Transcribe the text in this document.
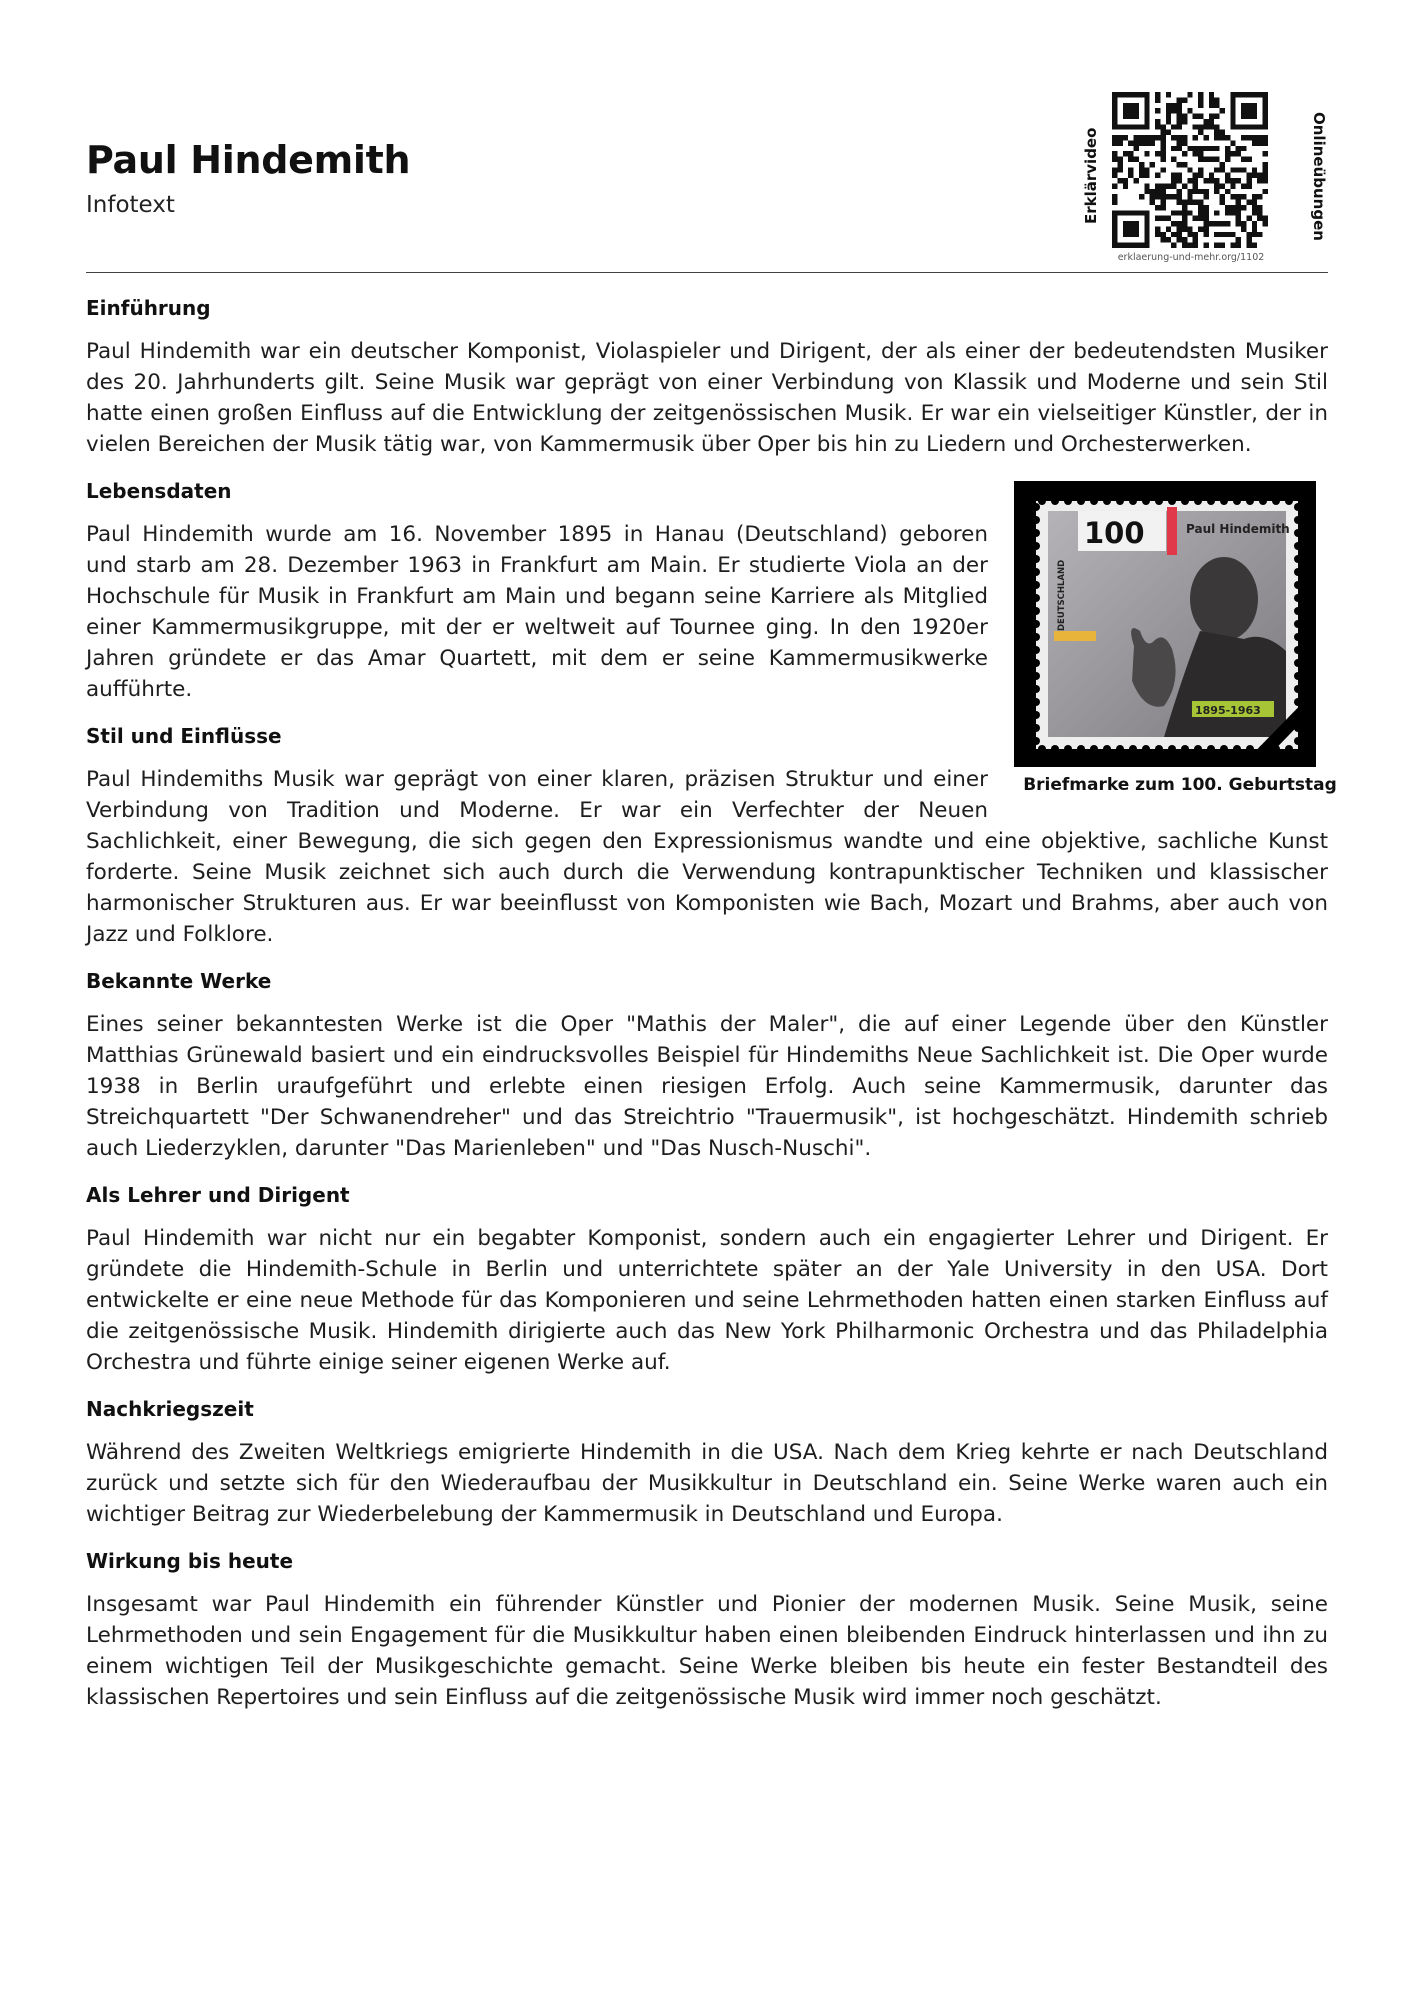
Paul Hindemith
Infotext	Erklärvideo	Onlineübungen
erklaerung-und-mehr.org/1102
Einführung

Paul Hindemith war ein deutscher Komponist, Violaspieler und Dirigent, der als einer der bedeutendsten Musiker des 20. Jahrhunderts gilt. Seine Musik war geprägt von einer Verbindung von Klassik und Moderne und sein Stil hatte einen großen Einfluss auf die Entwicklung der zeitgenössischen Musik. Er war ein vielseitiger Künstler, der in vielen Bereichen der Musik tätig war, von Kammermusik über Oper bis hin zu Liedern und Orchesterwerken.

100	Paul Hindemith
DEUTSCHLAND
1895-1963
Briefmarke zum 100. Geburtstag
Lebensdaten

Paul Hindemith wurde am 16. November 1895 in Hanau (Deutschland) geboren und starb am 28. Dezember 1963 in Frankfurt am Main. Er studierte Viola an der Hochschule für Musik in Frankfurt am Main und begann seine Karriere als Mitglied einer Kammermusikgruppe, mit der er weltweit auf Tournee ging. In den 1920er Jahren gründete er das Amar Quartett, mit dem er seine Kammermusikwerke aufführte.

Stil und Einflüsse

Paul Hindemiths Musik war geprägt von einer klaren, präzisen Struktur und einer Verbindung von Tradition und Moderne. Er war ein Verfechter der Neuen Sachlichkeit, einer Bewegung, die sich gegen den Expressionismus wandte und eine objektive, sachliche Kunst forderte. Seine Musik zeichnet sich auch durch die Verwendung kontrapunktischer Techniken und klassischer harmonischer Strukturen aus. Er war beeinflusst von Komponisten wie Bach, Mozart und Brahms, aber auch von Jazz und Folklore.

Bekannte Werke

Eines seiner bekanntesten Werke ist die Oper "Mathis der Maler", die auf einer Legende über den Künstler Matthias Grünewald basiert und ein eindrucksvolles Beispiel für Hindemiths Neue Sachlichkeit ist. Die Oper wurde 1938 in Berlin uraufgeführt und erlebte einen riesigen Erfolg. Auch seine Kammermusik, darunter das Streichquartett "Der Schwanendreher" und das Streichtrio "Trauermusik", ist hochgeschätzt. Hindemith schrieb auch Liederzyklen, darunter "Das Marienleben" und "Das Nusch-Nuschi".

Als Lehrer und Dirigent

Paul Hindemith war nicht nur ein begabter Komponist, sondern auch ein engagierter Lehrer und Dirigent. Er gründete die Hindemith-Schule in Berlin und unterrichtete später an der Yale University in den USA. Dort entwickelte er eine neue Methode für das Komponieren und seine Lehrmethoden hatten einen starken Einfluss auf die zeitgenössische Musik. Hindemith dirigierte auch das New York Philharmonic Orchestra und das Philadelphia Orchestra und führte einige seiner eigenen Werke auf.

Nachkriegszeit

Während des Zweiten Weltkriegs emigrierte Hindemith in die USA. Nach dem Krieg kehrte er nach Deutschland zurück und setzte sich für den Wiederaufbau der Musikkultur in Deutschland ein. Seine Werke waren auch ein wichtiger Beitrag zur Wiederbelebung der Kammermusik in Deutschland und Europa.

Wirkung bis heute

Insgesamt war Paul Hindemith ein führender Künstler und Pionier der modernen Musik. Seine Musik, seine Lehrmethoden und sein Engagement für die Musikkultur haben einen bleibenden Eindruck hinterlassen und ihn zu einem wichtigen Teil der Musikgeschichte gemacht. Seine Werke bleiben bis heute ein fester Bestandteil des klassischen Repertoires und sein Einfluss auf die zeitgenössische Musik wird immer noch geschätzt.
